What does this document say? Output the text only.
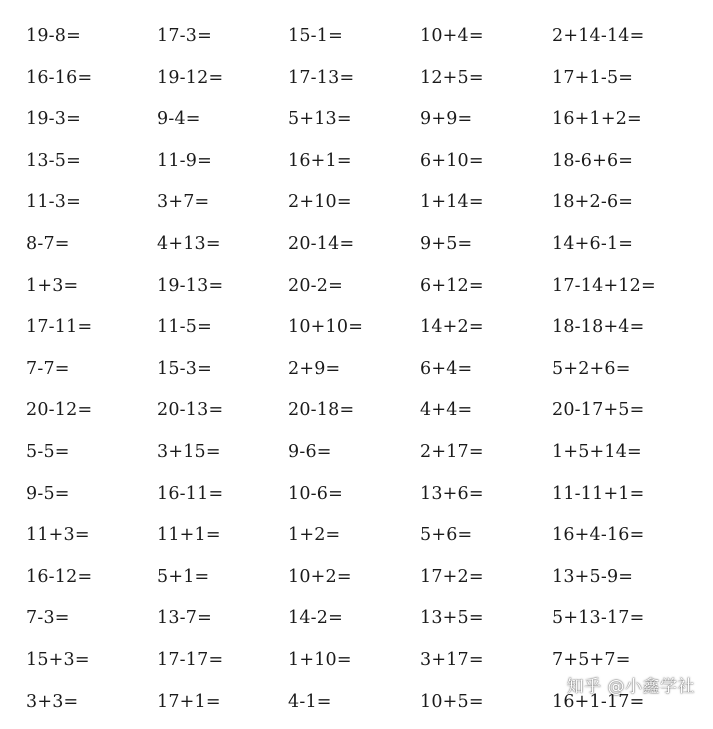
19-8=	17-3=	15-1=	10+4=	2+14-14=
16-16=	19-12=	17-13=	12+5=	17+1-5=
19-3=	9-4=	5+13=	9+9=	16+1+2=
13-5=	11-9=	16+1=	6+10=	18-6+6=
11-3=	3+7=	2+10=	1+14=	18+2-6=
8-7=	4+13=	20-14=	9+5=	14+6-1=
1+3=	19-13=	20-2=	6+12=	17-14+12=
17-11=	11-5=	10+10=	14+2=	18-18+4=
7-7=	15-3=	2+9=	6+4=	5+2+6=
20-12=	20-13=	20-18=	4+4=	20-17+5=
5-5=	3+15=	9-6=	2+17=	1+5+14=
9-5=	16-11=	10-6=	13+6=	11-11+1=
11+3=	11+1=	1+2=	5+6=	16+4-16=
16-12=	5+1=	10+2=	17+2=	13+5-9=
7-3=	13-7=	14-2=	13+5=	5+13-17=
15+3=	17-17=	1+10=	3+17=	7+5+7=
3+3=	17+1=	4-1=	10+5=	16+1-17=
知乎 @小鑫学社
